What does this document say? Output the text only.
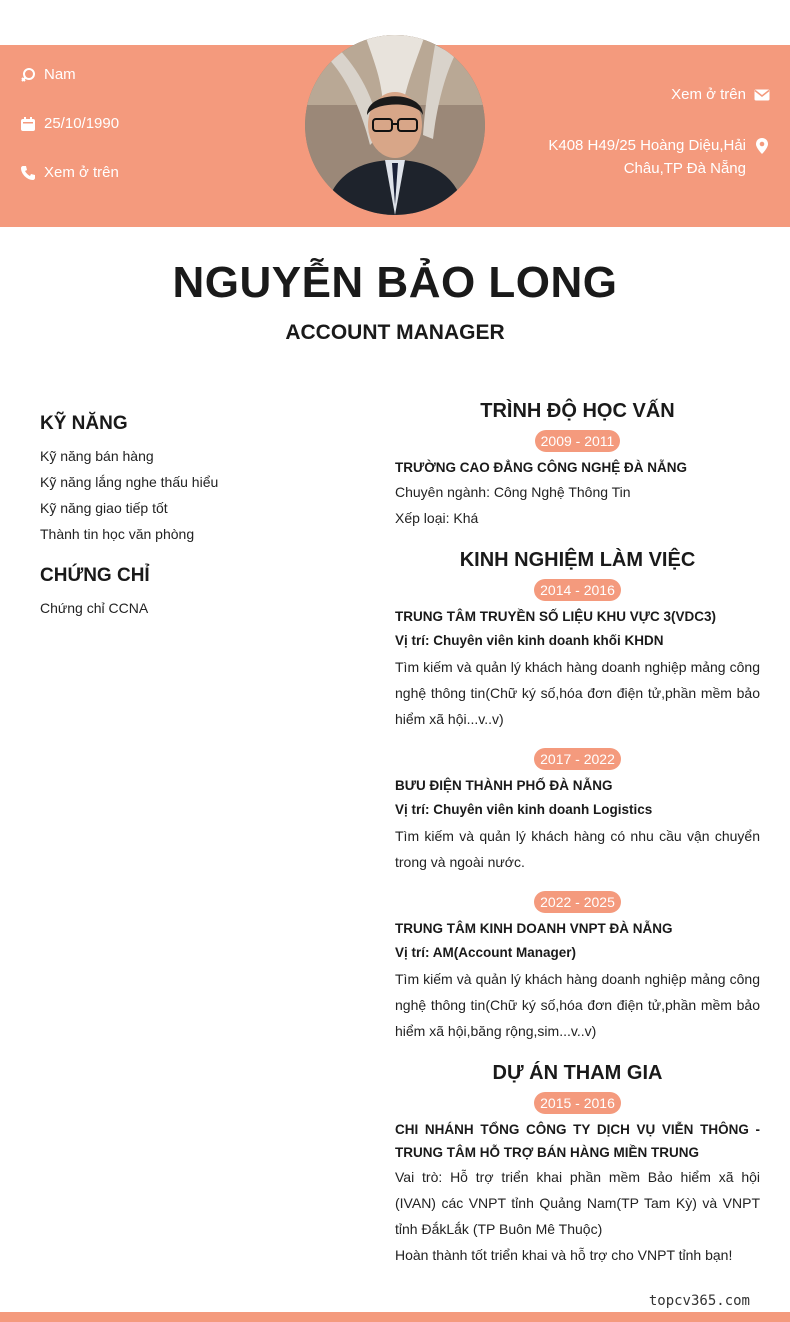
Nam
25/10/1990
Xem ở trên
Xem ở trên
K408 H49/25 Hoàng Diệu,Hải
Châu,TP Đà Nẵng
NGUYỄN BẢO LONG
ACCOUNT MANAGER
KỸ NĂNG
Kỹ năng bán hàng
Kỹ năng lắng nghe thấu hiểu
Kỹ năng giao tiếp tốt
Thành tin học văn phòng
CHỨNG CHỈ
Chứng chỉ CCNA
TRÌNH ĐỘ HỌC VẤN
2009 - 2011
TRƯỜNG CAO ĐẲNG CÔNG NGHỆ ĐÀ NẴNG
Chuyên ngành: Công Nghệ Thông Tin
Xếp loại: Khá
KINH NGHIỆM LÀM VIỆC
2014 - 2016
TRUNG TÂM TRUYỀN SỐ LIỆU KHU VỰC 3(VDC3)
Vị trí: Chuyên viên kinh doanh khối KHDN
Tìm kiếm và quản lý khách hàng doanh nghiệp mảng công nghệ thông tin(Chữ ký số,hóa đơn điện tử,phần mềm bảo hiểm xã hội...v..v)
2017 - 2022
BƯU ĐIỆN THÀNH PHỐ ĐÀ NẴNG
Vị trí: Chuyên viên kinh doanh Logistics
Tìm kiếm và quản lý khách hàng có nhu cầu vận chuyển trong và ngoài nước.
2022 - 2025
TRUNG TÂM KINH DOANH VNPT ĐÀ NẴNG
Vị trí: AM(Account Manager)
Tìm kiếm và quản lý khách hàng doanh nghiệp mảng công nghệ thông tin(Chữ ký số,hóa đơn điện tử,phần mềm bảo hiểm xã hội,băng rộng,sim...v..v)
DỰ ÁN THAM GIA
2015 - 2016
CHI NHÁNH TỔNG CÔNG TY DỊCH VỤ VIỄN THÔNG - TRUNG TÂM HỖ TRỢ BÁN HÀNG MIỀN TRUNG
Vai trò: Hỗ trợ triển khai phần mềm Bảo hiểm xã hội (IVAN) các VNPT tỉnh Quảng Nam(TP Tam Kỳ) và VNPT tỉnh ĐắkLắk (TP Buôn Mê Thuộc)
Hoàn thành tốt triển khai và hỗ trợ cho VNPT tỉnh bạn!
topcv365.com
